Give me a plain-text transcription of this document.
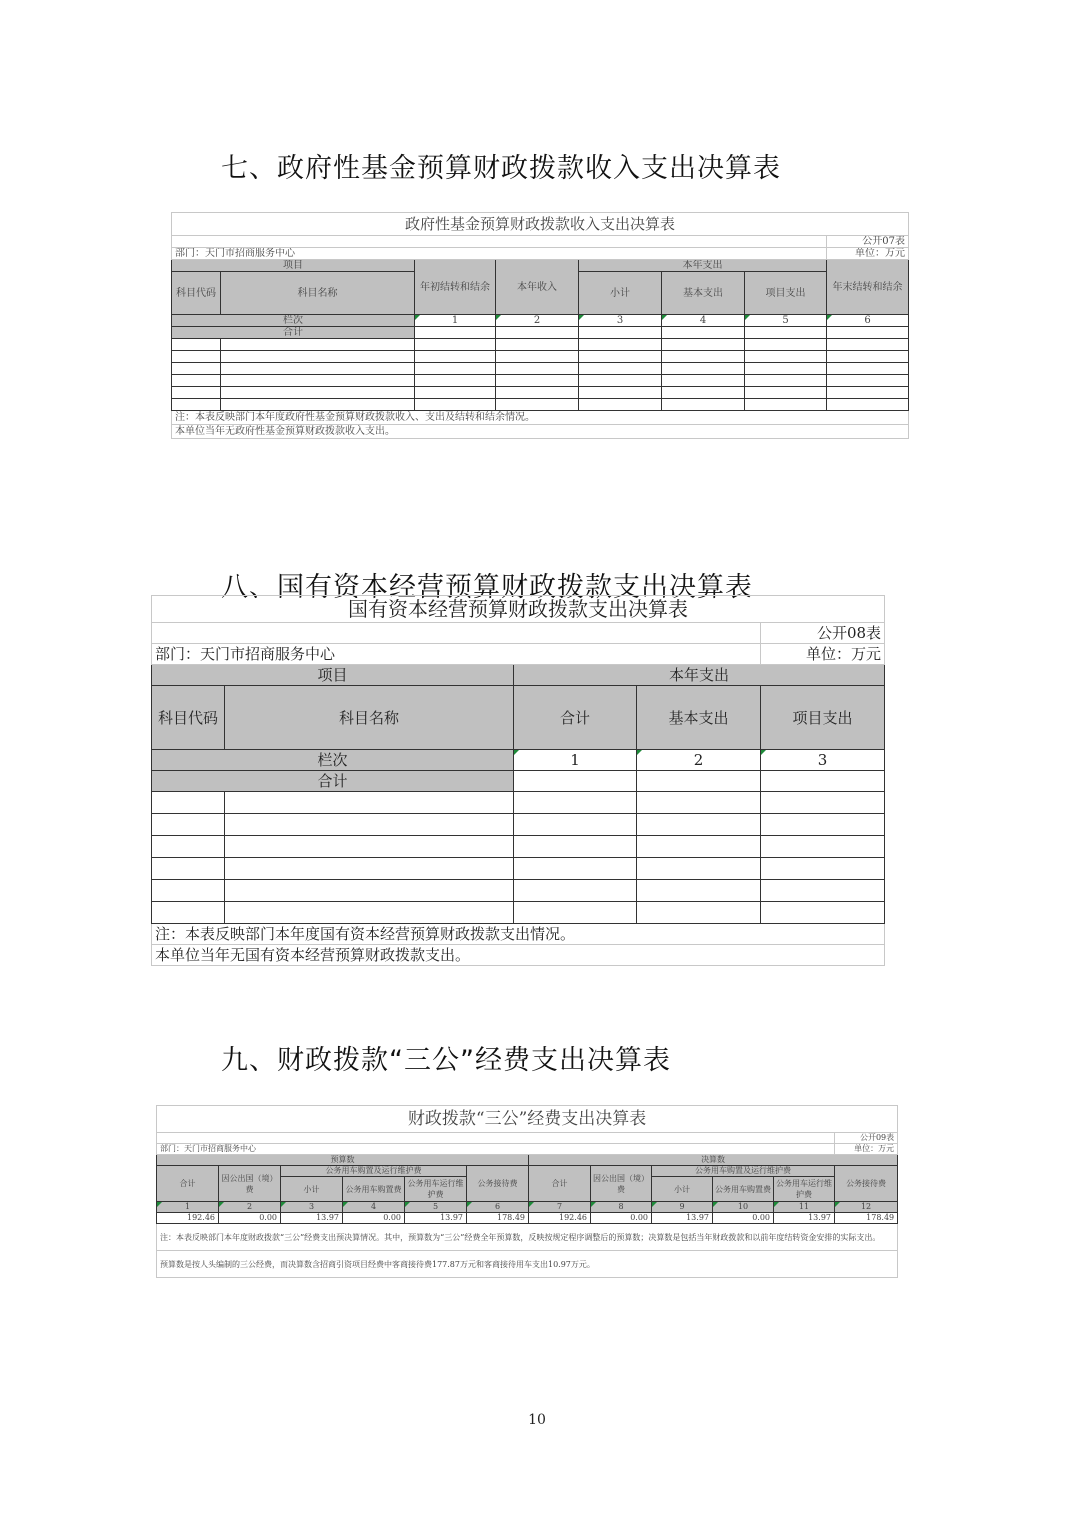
七、政府性基金预算财政拨款收入支出决算表
政府性基金预算财政拨款收入支出决算表							
							公开07表
部门：天门市招商服务中心							单位：万元
项目		年初结转和结余	本年收入	本年支出			年末结转和结余
科目代码	科目名称			小计	基本支出	项目支出	
栏次		1	2	3	4	5	6
合计							

注：本表反映部门本年度政府性基金预算财政拨款收入、支出及结转和结余情况。							
本单位当年无政府性基金预算财政拨款收入支出。							
八、国有资本经营预算财政拨款支出决算表
国有资本经营预算财政拨款支出决算表				
				公开08表
部门：天门市招商服务中心				单位：万元
项目		本年支出		
科目代码	科目名称	合计	基本支出	项目支出
栏次		1	2	3
合计				

注：本表反映部门本年度国有资本经营预算财政拨款支出情况。				
本单位当年无国有资本经营预算财政拨款支出。				
九、财政拨款“三公”经费支出决算表
财政拨款“三公”经费支出决算表											
											公开09表
部门：天门市招商服务中心											单位：万元
预算数						决算数					
合计	因公出国（境）费	公务用车购置及运行维护费			公务接待费	合计	因公出国（境）费	公务用车购置及运行维护费			公务接待费
		小计	公务用车购置费	公务用车运行维护费				小计	公务用车购置费	公务用车运行维护费	
1	2	3	4	5	6	7	8	9	10	11	12
192.46	0.00	13.97	0.00	13.97	178.49	192.46	0.00	13.97	0.00	13.97	178.49
注：本表反映部门本年度财政拨款“三公”经费支出预决算情况。其中，预算数为“三公”经费全年预算数，反映按规定程序调整后的预算数；决算数是包括当年财政拨款和以前年度结转资金安排的实际支出。											
预算数是按人头编制的三公经费，而决算数含招商引资项目经费中客商接待费177.87万元和客商接待用车支出10.97万元。											
10
